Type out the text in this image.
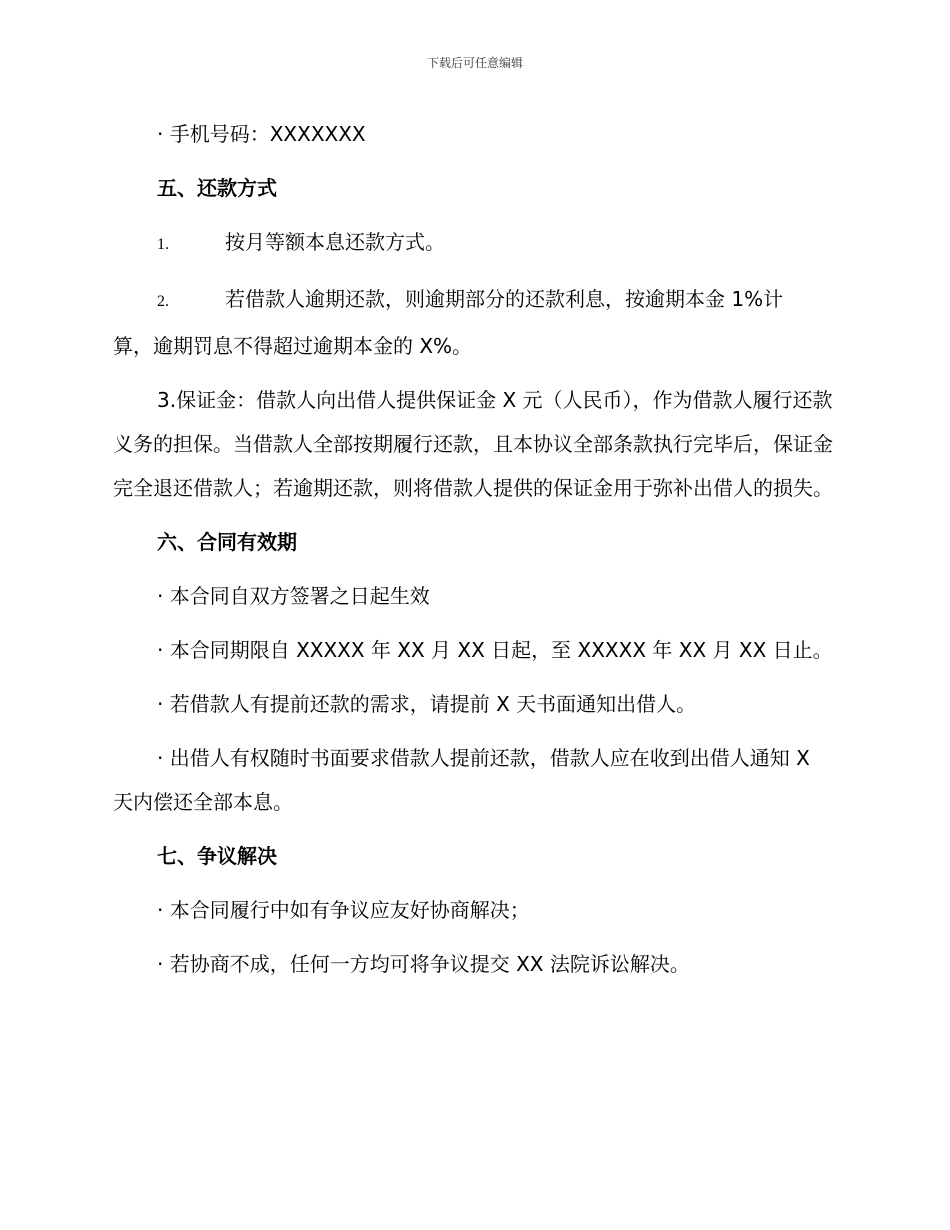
下载后可任意编辑

· 手机号码：XXXXXXX

五、还款方式

1.	按月等额本息还款方式。

2.	若借款人逾期还款，则逾期部分的还款利息，按逾期本金 1%计
算，逾期罚息不得超过逾期本金的 X%。

3.保证金：借款人向出借人提供保证金 X 元（人民币），作为借款人履行还款义务的担保。当借款人全部按期履行还款，且本协议全部条款执行完毕后，保证金完全退还借款人；若逾期还款，则将借款人提供的保证金用于弥补出借人的损失。

六、合同有效期

· 本合同自双方签署之日起生效

· 本合同期限自 XXXXX 年 XX 月 XX 日起，至 XXXXX 年 XX 月 XX 日止。

· 若借款人有提前还款的需求，请提前 X 天书面通知出借人。

· 出借人有权随时书面要求借款人提前还款，借款人应在收到出借人通知 X 天内偿还全部本息。

七、争议解决

· 本合同履行中如有争议应友好协商解决；

· 若协商不成，任何一方均可将争议提交 XX 法院诉讼解决。
